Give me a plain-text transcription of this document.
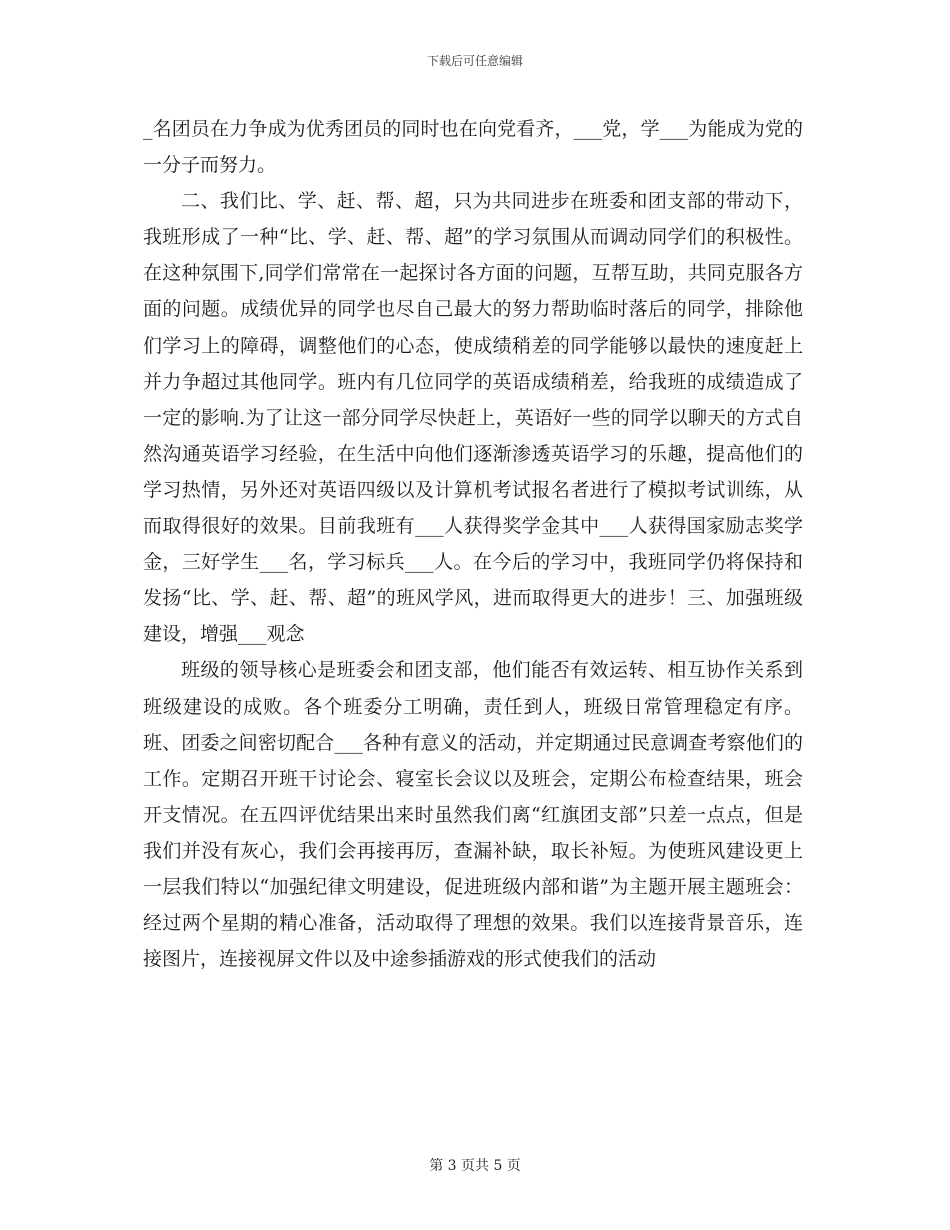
下载后可任意编辑

_名团员在力争成为优秀团员的同时也在向党看齐，___党，学___为能成为党的一分子而努力。

二、我们比、学、赶、帮、超，只为共同进步在班委和团支部的带动下，我班形成了一种“比、学、赶、帮、超”的学习氛围从而调动同学们的积极性。在这种氛围下,同学们常常在一起探讨各方面的问题，互帮互助，共同克服各方面的问题。成绩优异的同学也尽自己最大的努力帮助临时落后的同学，排除他们学习上的障碍，调整他们的心态，使成绩稍差的同学能够以最快的速度赶上并力争超过其他同学。班内有几位同学的英语成绩稍差，给我班的成绩造成了一定的影响.为了让这一部分同学尽快赶上，英语好一些的同学以聊天的方式自然沟通英语学习经验，在生活中向他们逐渐渗透英语学习的乐趣，提高他们的学习热情，另外还对英语四级以及计算机考试报名者进行了模拟考试训练，从而取得很好的效果。目前我班有___人获得奖学金其中___人获得国家励志奖学金，三好学生___名，学习标兵___人。在今后的学习中，我班同学仍将保持和发扬“比、学、赶、帮、超”的班风学风，进而取得更大的进步！三、加强班级建设，增强___观念

班级的领导核心是班委会和团支部，他们能否有效运转、相互协作关系到班级建设的成败。各个班委分工明确，责任到人，班级日常管理稳定有序。班、团委之间密切配合___各种有意义的活动，并定期通过民意调查考察他们的工作。定期召开班干讨论会、寝室长会议以及班会，定期公布检查结果，班会开支情况。在五四评优结果出来时虽然我们离“红旗团支部”只差一点点，但是我们并没有灰心，我们会再接再厉，查漏补缺，取长补短。为使班风建设更上一层我们特以“加强纪律文明建设，促进班级内部和谐”为主题开展主题班会：经过两个星期的精心准备，活动取得了理想的效果。我们以连接背景音乐，连接图片，连接视屏文件以及中途参插游戏的形式使我们的活动

第 3 页共 5 页
